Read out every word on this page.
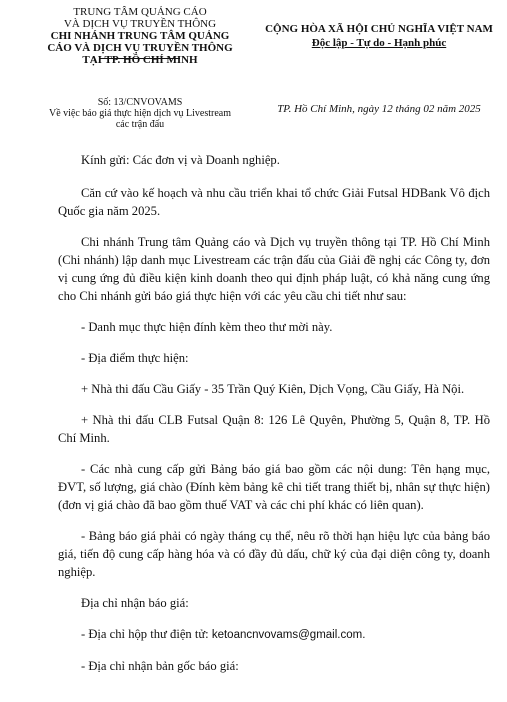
TRUNG TÂM QUẢNG CÁO
VÀ DỊCH VỤ TRUYỀN THÔNG
CHI NHÁNH TRUNG TÂM QUẢNG
CÁO VÀ DỊCH VỤ TRUYỀN THÔNG
TẠI TP. HỒ CHÍ MINH
CỘNG HÒA XÃ HỘI CHỦ NGHĨA VIỆT NAM
Độc lập - Tự do - Hạnh phúc
Số: 13/CNVOVAMS
Về việc báo giá thực hiện dịch vụ Livestream
các trận đấu
TP. Hồ Chí Minh, ngày 12 tháng 02 năm 2025

Kính gửi: Các đơn vị và Doanh nghiệp.

Căn cứ vào kế hoạch và nhu cầu triển khai tổ chức Giải Futsal HDBank Vô địch Quốc gia năm 2025.

Chi nhánh Trung tâm Quảng cáo và Dịch vụ truyền thông tại TP. Hồ Chí Minh (Chi nhánh) lập danh mục Livestream các trận đấu của Giải đề nghị các Công ty, đơn vị cung ứng đủ điều kiện kinh doanh theo qui định pháp luật, có khả năng cung ứng cho Chi nhánh gửi báo giá thực hiện với các yêu cầu chi tiết như sau:

- Danh mục thực hiện đính kèm theo thư mời này.

- Địa điểm thực hiện:

+ Nhà thi đấu Cầu Giấy - 35 Trần Quý Kiên, Dịch Vọng, Cầu Giấy, Hà Nội.

+ Nhà thi đấu CLB Futsal Quận 8: 126 Lê Quyên, Phường 5, Quận 8, TP. Hồ Chí Minh.

- Các nhà cung cấp gửi Bảng báo giá bao gồm các nội dung: Tên hạng mục, ĐVT, số lượng, giá chào (Đính kèm bảng kê chi tiết trang thiết bị, nhân sự thực hiện) (đơn vị giá chào đã bao gồm thuế VAT và các chi phí khác có liên quan).

- Bảng báo giá phải có ngày tháng cụ thể, nêu rõ thời hạn hiệu lực của bảng báo giá, tiến độ cung cấp hàng hóa và có đầy đủ dấu, chữ ký của đại diện công ty, doanh nghiệp.

Địa chỉ nhận báo giá:

- Địa chỉ hộp thư điện tử: ketoancnvovams@gmail.com.

- Địa chỉ nhận bản gốc báo giá:
